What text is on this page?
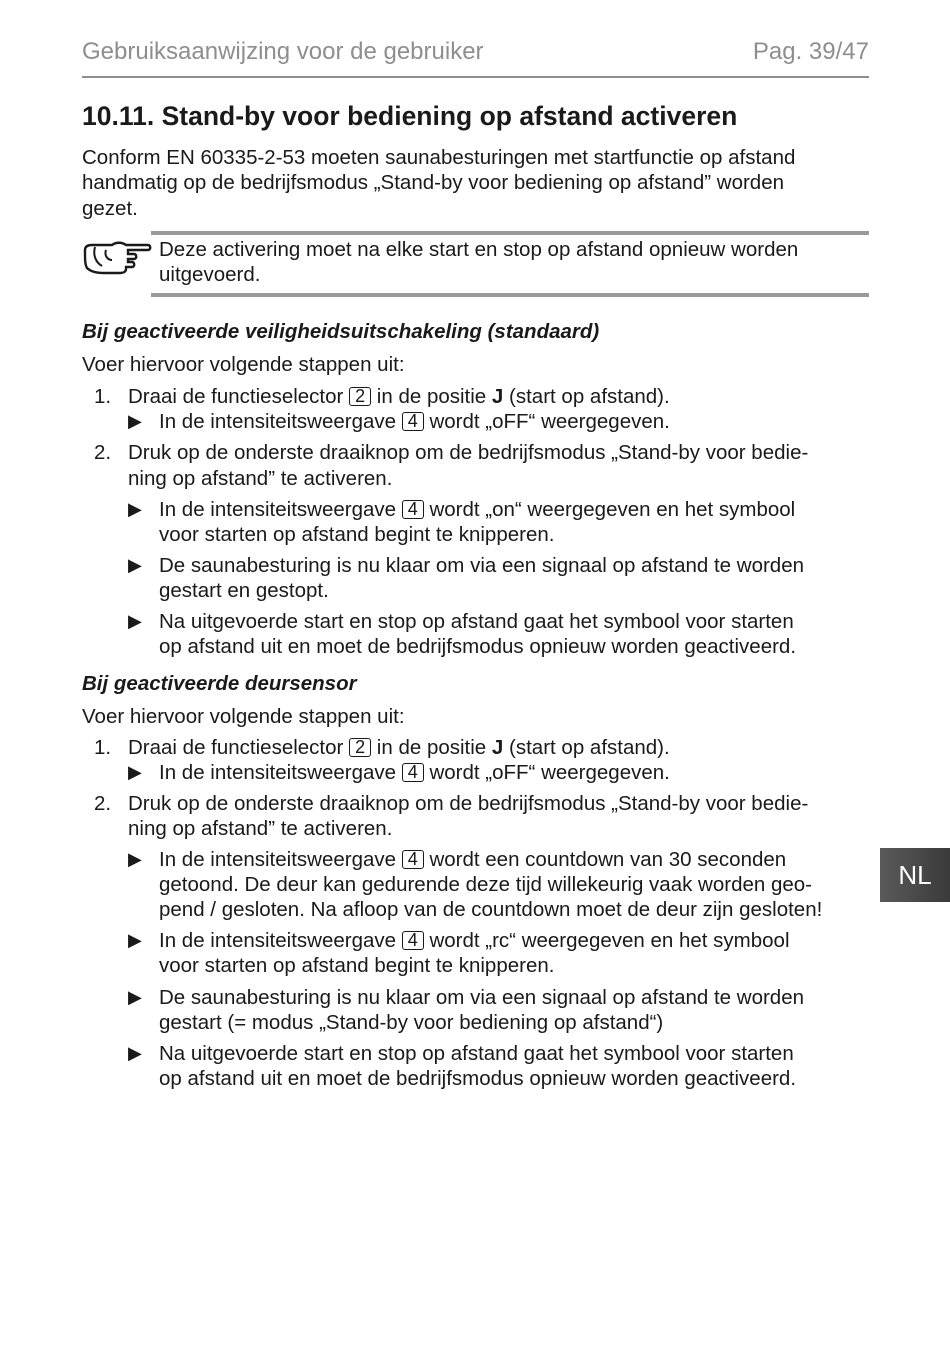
Gebruiksaanwijzing voor de gebruiker	Pag. 39/47
10.11. Stand-by voor bediening op afstand activeren
Conform EN 60335-2-53 moeten saunabesturingen met startfunctie op afstand
handmatig op de bedrijfsmodus „Stand-by voor bediening op afstand” worden
gezet.
Deze activering moet na elke start en stop op afstand opnieuw worden
uitgevoerd.
Bij geactiveerde veiligheidsuitschakeling (standaard)
Voer hiervoor volgende stappen uit:
1. Draai de functieselector 2 in de positie J (start op afstand).
▶ In de intensiteitsweergave 4 wordt „oFF“ weergegeven.
2. Druk op de onderste draaiknop om de bedrijfsmodus „Stand-by voor bedie-
ning op afstand” te activeren.
▶ In de intensiteitsweergave 4 wordt „on“ weergegeven en het symbool
voor starten op afstand begint te knipperen.
▶ De saunabesturing is nu klaar om via een signaal op afstand te worden
gestart en gestopt.
▶ Na uitgevoerde start en stop op afstand gaat het symbool voor starten
op afstand uit en moet de bedrijfsmodus opnieuw worden geactiveerd.
Bij geactiveerde deursensor
Voer hiervoor volgende stappen uit:
1. Draai de functieselector 2 in de positie J (start op afstand).
▶ In de intensiteitsweergave 4 wordt „oFF“ weergegeven.
2. Druk op de onderste draaiknop om de bedrijfsmodus „Stand-by voor bedie-
ning op afstand” te activeren.
▶ In de intensiteitsweergave 4 wordt een countdown van 30 seconden
getoond. De deur kan gedurende deze tijd willekeurig vaak worden geo-
pend / gesloten. Na afloop van de countdown moet de deur zijn gesloten!
▶ In de intensiteitsweergave 4 wordt „rc“ weergegeven en het symbool
voor starten op afstand begint te knipperen.
▶ De saunabesturing is nu klaar om via een signaal op afstand te worden
gestart (= modus „Stand-by voor bediening op afstand“)
▶ Na uitgevoerde start en stop op afstand gaat het symbool voor starten
op afstand uit en moet de bedrijfsmodus opnieuw worden geactiveerd.
NL
